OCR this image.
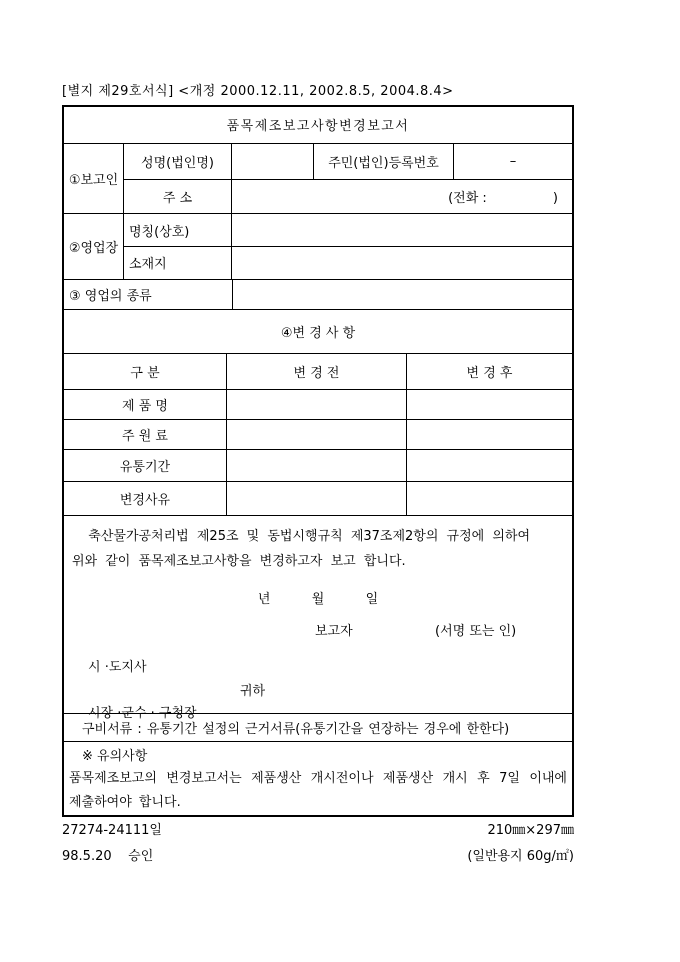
[별지 제29호서식] <개정 2000.12.11, 2002.8.5, 2004.8.4>
품목제조보고사항변경보고서
①보고인
성명(법인명)	주민(법인)등록번호	–
주 소	(전화 :                )
②영업장
명칭(상호)
소재지
③ 영업의 종류
④변 경 사 항
구 분	변 경 전	변 경 후
제 품 명
주 원 료
유통기간
변경사유
축산물가공처리법 제25조 및 동법시행규칙 제37조제2항의 규정에 의하여
위와 같이 품목제조보고사항을 변경하고자 보고 합니다.
년          월          일
보고자	(서명 또는 인)
시 ·도지사
귀하
시장 ·군수 · 구청장
구비서류 : 유통기간 설정의 근거서류(유통기간을 연장하는 경우에 한한다)
※ 유의사항
품목제조보고의 변경보고서는 제품생산 개시전이나 제품생산 개시 후 7일 이내에 제출하여야 합니다.
27274-24111일	210㎜×297㎜
98.5.20    승인	(일반용지 60g/㎡)
